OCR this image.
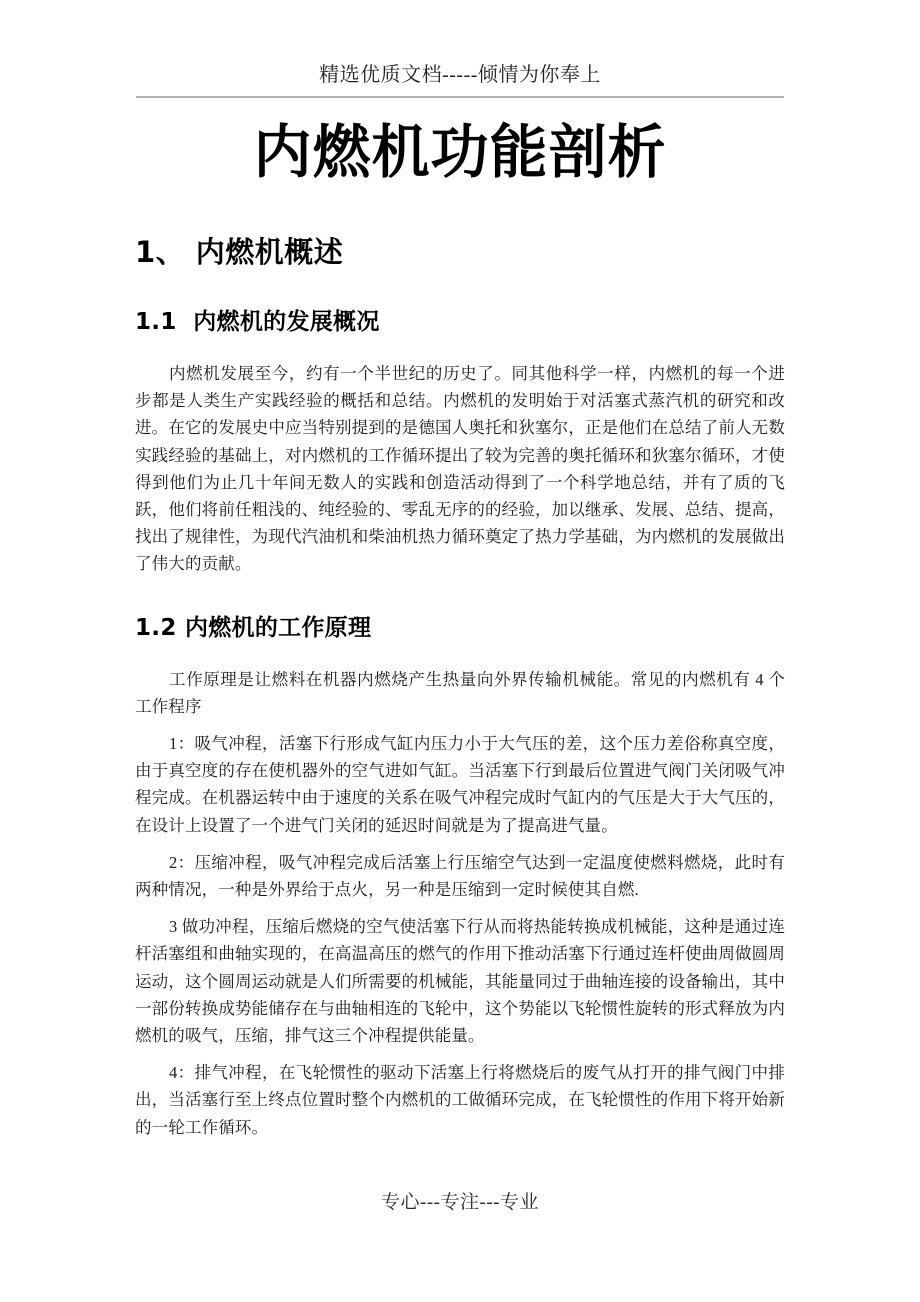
精选优质文档-----倾情为你奉上
内燃机功能剖析
1、 内燃机概述
1.1  内燃机的发展概况

内燃机发展至今，约有一个半世纪的历史了。同其他科学一样，内燃机的每一个进步都是人类生产实践经验的概括和总结。内燃机的发明始于对活塞式蒸汽机的研究和改进。在它的发展史中应当特别提到的是德国人奥托和狄塞尔，正是他们在总结了前人无数实践经验的基础上，对内燃机的工作循环提出了较为完善的奥托循环和狄塞尔循环，才使得到他们为止几十年间无数人的实践和创造活动得到了一个科学地总结，并有了质的飞跃，他们将前任粗浅的、纯经验的、零乱无序的的经验，加以继承、发展、总结、提高，找出了规律性，为现代汽油机和柴油机热力循环奠定了热力学基础，为内燃机的发展做出了伟大的贡献。

1.2 内燃机的工作原理

工作原理是让燃料在机器内燃烧产生热量向外界传输机械能。常见的内燃机有 4 个工作程序

1：吸气冲程，活塞下行形成气缸内压力小于大气压的差，这个压力差俗称真空度，由于真空度的存在使机器外的空气进如气缸。当活塞下行到最后位置进气阀门关闭吸气冲程完成。在机器运转中由于速度的关系在吸气冲程完成时气缸内的气压是大于大气压的，在设计上设置了一个进气门关闭的延迟时间就是为了提高进气量。

2：压缩冲程，吸气冲程完成后活塞上行压缩空气达到一定温度使燃料燃烧，此时有两种情况，一种是外界给于点火，另一种是压缩到一定时候使其自燃.

3 做功冲程，压缩后燃烧的空气使活塞下行从而将热能转换成机械能，这种是通过连杆活塞组和曲轴实现的，在高温高压的燃气的作用下推动活塞下行通过连杆使曲周做圆周运动，这个圆周运动就是人们所需要的机械能，其能量同过于曲轴连接的设备输出，其中一部份转换成势能储存在与曲轴相连的飞轮中，这个势能以飞轮惯性旋转的形式释放为内燃机的吸气，压缩，排气这三个冲程提供能量。

4：排气冲程，在飞轮惯性的驱动下活塞上行将燃烧后的废气从打开的排气阀门中排出，当活塞行至上终点位置时整个内燃机的工做循环完成，在飞轮惯性的作用下将开始新的一轮工作循环。

专心---专注---专业
